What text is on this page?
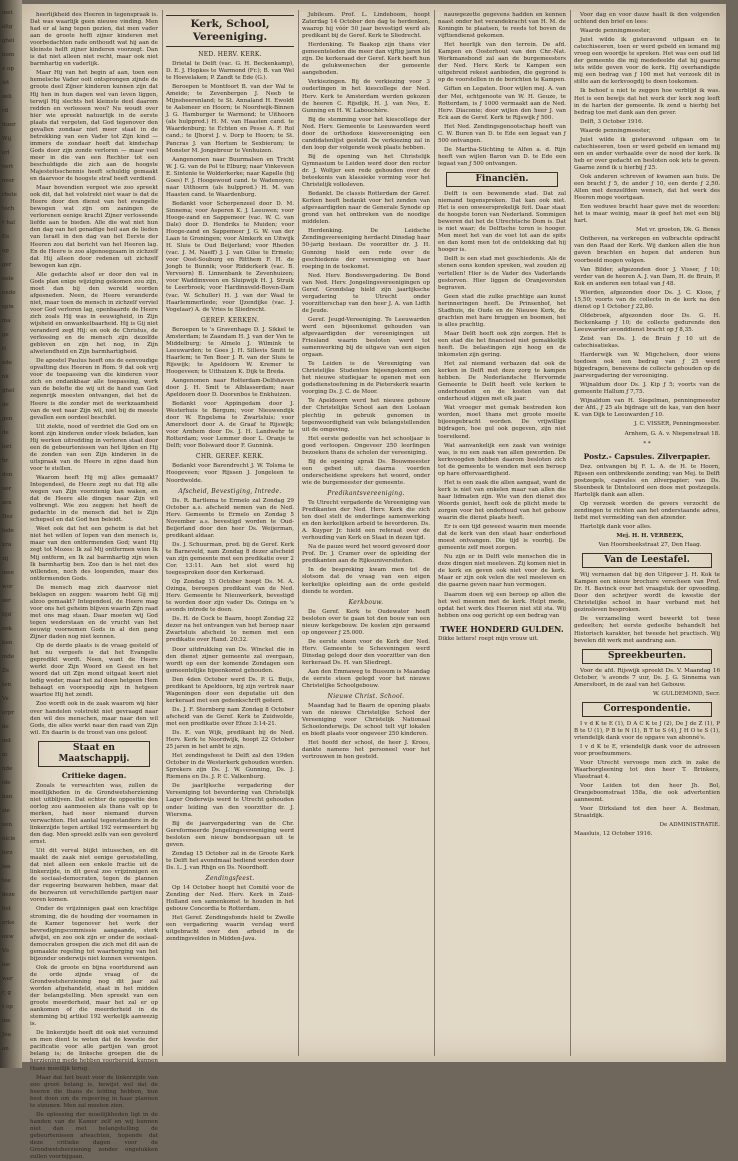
met
alig
ghei
hom
e op
iet
zeli
rd
lezer
Wij
erl
vert
over
rbete
toch
r hal
Ee
op
ger
oole
ende
spin
ma
ge
ti
ede
nk
ghel
de
gen
de
leri
hr
den
oor
zen
Dez
lede
kra
zij
mee
wor
zer
tijd
ook
kun
inde
Ze
ten
Ve
erpr
de
ind
m
nde
ide
han
zie
een
nicle
lerz
ien
toe
deze
het
erke
ouw
Vo
lee
wer
r, g
t op
ine
Jou
an

heerlijkheid des Heeren in tegenspraak is. Dat was waarlijk geen nieuwe vinding. Men had er al lang tegen gezien, dat men vader aan de groote heffi zijner kinderen met voorbedachten rade onthoudt wat hij aan de kleinste helft zijner kinderen voorzegt. Dan is dat niet alleen niet recht, maar ook niet barmhartig en vaderlijk.

Maar Hij van het begin af aan, toen een hemelsche Vader ooit ontsprongen zijnde de groote deel Zijner kinderen kunnen zijn dat Hij hen in hun dagen wel van leven liggen, terwijl Hij slechts het kleinste deel daarom redden en verlossen wou? Nu woudt over hier wie spreekt natuurlijk in de eerste plaats dat vergeten, dat God tegenover den gevallen zondaar niet meer staat in de betrekking van een Vader tot Zijn kind — immers de zondaar heeft dat kindschap Gods door zijn zonde verloren — maar veel meer in die van een Rechter tot een beschuldigde die zich aan de hoogste Majesteitsschennis heeft schuldig gemaakt en daarvoor de hoogste straf heeft verdiend.

Maar bovendien vergeet wie zoo spreekt ook dit, dat het volstrekt niet waar is dat de Heere door den dienst van het evangelie bewogen wat zijn om zaningen de verlorenen eenige kracht Zijner verlossende liefde aan te bieden. Alle die wat niet hun den dag van het genadige heil aan de lieden van Israël in den dag van het Eerste der Heeren zou dat bericht van het Heeren lag. En de Heere is zoo algenoegzaam in zichzelf dat Hij alleen door redenen uit zichzelf bewogen kan zijn.

Alle gedachte alsof er door den val in Gods plan enige wijziging gekomen zou zijn, moet dan bij den wereld worden afgesneden. Neen, de Heere veranderde niet, maar toen de mensch in zichzelf verviel voor God verloren lag, openbaarde de Heere zich zoals Hij was in eeuwigheid, in Zijn wijsheid en onwankelbaarheid. Hij is Gij niet veranderd zegt Hij: en ook de Christus, de verlossing en de mensch zijn dezelfde gebleven en zijn het nog, in Zijn alwetendheid en Zijn barmhartigheid.

De apostel Paulus heeft ons de eenvoudige opvatting des Heeren in Rom. 9 dat ook vrij voor de toepassing van die kinderen voor zich en ondankbaar alle toepassing, werk van de belofte die wij uit de hand van God zegenrijk moesten ontvangen, dat het de Heere is die zonder met de werkzaamheid van de wet naar Zijn wil, niet bij de meeste gevallen een oordeel beschikt.

Uit ziekte, nood of verdriet die God om en komt zijn kinderen onder vloek beladen, kan Hij werken uitredding in verloren staat door een de gebeurtenissen van het lijden en Hij de zonden van een Zijn kinderen in de uitspraak van de Heere in zijne daad hun voor te stellen.

Waarom heeft Hij mij alles gemaakt? Integendeel, de Heere zegt nu dat Hij alle wegen van Zijn voorzienig kan waken, en dat de Heere alle dingen naar Zijn wil volbrengt. Wie zou zeggen: het heeft de gedachte in de mensch dat het is Zijn schepsel en dat God hen beleidt.

Weet ook dat het een geheim is dat het niet het willen of lopen van den mensch is, maar van den ontfermenden God; want Hij zegt tot Mozes: Ik zal Mij ontfermen wien Ik Mij ontferm, en Ik zal barmhartig zijn wien Ik barmhartig ben. Zoo dan is het niet des willenden, noch des loopenden, maar des ontfermenden Gods.

De mensch mag zich daarvoor niet beklagen en zeggen: waarom hebt Gij mij alzoo gemaakt? Integendeel, de Heere mag voor ons het geheim blijven waarin Zijn raad met ons mag staan. Daar moeten wij God tegen wederstaan en de vrucht van het eeuwig voornemen Gods in al den gang Zijner daden nog niet kennen.

Op de derde plaats is de vraag gesteld of het nu vergeefs is dat het Evangelie gepredikt wordt. Neen, want de Heere werkt door Zijn Woord en Geest en het woord dat uit Zijn mond uitgaat keert niet ledig weder, maar het zal doen hetgeen Hem behaagt en voorspoedig zijn in hetgeen waartoe Hij het zendt.

Zoo wordt ook in de zaak waarom wij hier over handelen volstrekt niet gevraagd naar den wil des menschen, maar naar den wil Gods, die alles werkt naar den raad van Zijn wil. En daarin is de troost van ons geloof.

Staat en Maatschappij.
Critieke dagen.

Zooals te verwachten was, zullen de moeilijkheden in de Grondwetsherziening niet uitblijven. Dat echter de oppositie den oorlog zou aanmoeien als thans valt op te merken, had neer niemand durven verwachten. Het aantal tegenstanders in de linkerzijde tegen artikel 192 vermeerdert bij den dag. Men spreekt zelfs van een gevolerd ernst.

Uit dit verval blijkt intusschen, en dit maakt de zaak niet eenige geruststelling, dat niet alleen een enkele fractie uit de linkerzijde, in dit geval zoo vrijzinnigen en de sociaal-democraten, tegen de plannen der regeering bezwaren hebben, maar dat de bezwaren uit verschillende partijen naar voren komen.

Onder de vrijzinnigen gaat een krachtige stroming, die de houding der voornamen in de Kamer tegenover het werk der bevredigingscommissie aangaande, sterk afwijst, en zoo ook zijn er onder de sociaal-democraten groepen die zich met dit aan de gemaakte regeling tot waarborging van het bijzonder onderwijs niet kunnen vereenigen.

Ook de groote en bijna voortdurend aan de orde zijnde vraag of de Grondwetsherziening nog dit jaar zal worden afgehandeld, staat in het midden der belangstelling. Men spreekt van een groote meerderheid, maar het zal er op aankomen of die meerderheid in de stemming bij artikel 192 werkelijk aanwezig is.

De linkerzijde heeft dit ook niet verzuimd en men dient te weten dat de kwestie der pacificatie voor alle partijen van groot belang is; de linksche groepen die de herziening mede hebben voorbereid, kunnen thans moeilijk terug.

Maar dat het bezit voor de linkerzijde van zoo groot belang is, bewijst wel dat de heeren die thans de leiding hebben, hun best doen om de regeering in haar plannen te steunen. Men zal moeten zien.

De oplossing der moeilijkheden ligt in de handen van de Kamer zelf en wij kunnen niet dan met belangstelling de gebeurtenissen afwachten, hopende dat deze critieke dagen voor de Grondwetsherziening zonder ongelukken zullen voorbijgaan.

Kerk, School, Vereeniging.
NED. HERV. KERK.

Drietal te Delft (vac. G. H. Beckenkamp), D. E. J. Hopkes te Warmond (Fr.); B. van Wel te Hoevelaken; P. Zandt te Ede (G.).

Beroepen te Montfoort B. van der Wal te Ameide; te Zevenbergen J. Neeb te Mijnsheerenland; te St. Annaland H. Ewoldt te Aalsmeer en Hoorn; te Noordwijk-Binnen J. G. Hamburger te Warmond; te Uithoorn (als hulppred.) H. M. van Haasten cand. te Waardenburg; te Echten en Pesse A. F. Rol cand.; te IJhorst J. v. Dorp te Hoorn; te St. Pancras J. van Hertum te Sexbierum; te Monster M. Jongebreur te Venhuizen.

Aangenomen naar Buurmalsen en Tricht W. J. G. van de Pol te Elburg; naar Vinkeveen E. Sintenie te Wolderkerke; naar Kapelle (bij Goes) F. J. Hoogewoud cand. te Wadenoyen; naar Uithoorn (als hulppred.) H. M. van Haasten cand. te Waardenburg.

Bedankt voor Scherpenzeel door D. M. Sinnema; voor Asperen K. J. Leeuwen; voor Hooge-zand en Sappemeer (vac. W. C. van Dale) door D. Hendriks te Muiden; voor Hooge-zand en Sappemeer J. G. W. van der Laan te Groningen; voor Almkerk en Uitwijk H. Sluis te Oud Beijerland; voor Rheden (vac. J. M. Naeff) J. J. van Gilse te Ermelo; voor Oost-Souburg en Ritthem F. H. de Jongh te Bunnik; voor Ridderkerk (vac. B. Vervoorn) B. Linnenbank te Zevenhuizen; voor Waddinxveen en Sluipwijk H. J. Struik te Leerbroek; voor Hardinxveld-Boven-Dam (vac. W. Schuller) H. J. van der Waal te Haarlemmerliede; voor IJzendijke (vac. J. Vogelaar) A. de Vries te Sliedrecht.

GEREF. KERKEN.

Beroepen te 's Gravenhage D. J. Sikkel te Amsterdam; te Zaandam H. J. van der Ven te Middelburg; te Almelo J. Wilmink te Leeuwarden; te Goes J. H. Sillevis Smitt te Haarlem; te Ten Boer J. R. van der Sluis te Rijswijk; te Apeldoorn W. Kremer te Hoogeveen; te Uithuizen K. Dijk te Breda.

Aangenomen naar Rotterdam-Delfshaven door J. H. Smit te Alblasserdam; naar Apeldoorn door D. Doorenbos te Enkhuizen.

Bedankt voor Appingedam door J. Westerhuis te Bergum; voor Nieuwendijk door W. Engelsma te Zwartsluis; voor Amersfoort door A. de Graaf te Rijswijk; voor Arnhem door Ds. J. H. Landwehr te Rotterdam; voor Lemmer door L. Oranje te Delft; voor Bolsward door F. Gunnink.

CHR. GEREF. KERK.

Bedankt voor Barendrecht J. W. Tolsma te Hoogeveen; voor Rijssen J. Jongeleen te Noordwolde.

Afscheid, Bevestiging, Intrede.

Ds. R. Bartlema te Ermelo zal Zondag 29 October a.s. afscheid nemen van de Ned. Herv. Gemeente te Ermelo en Zondag 5 November a.s. bevestigd worden te Oud-Beijerland door den heer Ds. Weijerman, predikant aldaar.

Ds. J. Schuurman, pred. bij de Geref. Kerk te Barneveld, nam Zondag 8 dezer afscheid van zijn gemeente met een predikatie over 2 Cor. 13:11. Aan het slot werd hij toegesproken door den Kerkeraad.

Op Zondag 15 October hoopt Ds. M. A. Ozinga, beroepen predikant van de Ned. Herv. Gemeente te Nieuwerkerk, bevestigd te worden door zijn vader Ds. Ozinga en 's avonds intrede te doen.

Ds. H. de Cock te Baarn, hoopt Zondag 22 dezer na het ontvangen van het beroep naar Zwartsluis afscheid te nemen met een predikatie over Hand. 20:32.

Door uitdrukking van Ds. Winckel die in den dienst zijner gemeente zal overgaan, wordt op een der komende Zondagen een gemeentelijke bijeenkomst gehouden.

Den 4den October werd Ds. P. G. Buijs, predikant te Apeldoorn, bij zijn vertrek naar Wageningen door een deputatie uit den kerkeraad met een gedenkschrift geëerd.

Ds. J. F. Sternberg nam Zondag 8 October afscheid van de Geref. Kerk te Zuidwolde, met een predikatie over Efeze 3:14-21.

Ds. E. van Wijk, predikant bij de Ned. Herv. Kerk te Noordwijk, hoopt 22 October 25 jaren in het ambt te zijn.

Het zendingsfeest te Delft zal den 19den October in de Westerkerk gehouden worden. Sprekers zijn Ds. J. W. Gunning, Ds. J. Riemens en Ds. J. P. C. Valkenburg.

De jaarlijksche vergadering der Vereeniging tot bevordering van Christelijk Lager Onderwijs werd te Utrecht gehouden onder leiding van den voorzitter dr. J. Wiersma.

Bij de jaarvergadering van de Chr. Gereformeerde Jongelingsvereeniging werd besloten een nieuw bondsorgaan uit te geven.

Zondag 15 October zal in de Groote Kerk te Delft het avondmaal bediend worden door Ds. L. J. van Rhijn en Ds. Noordhoff.

Zendingsfeest.

Op 14 October hoopt het Comité voor de Zending der Ned. Herv. Kerk in Zuid-Holland een samenkomst te houden in het gebouw Concordia te Rotterdam.

Het Geref. Zendingsfonds hield te Zwolle een vergadering waarin verslag werd uitgebracht over den arbeid in de zendingsvelden in Midden-Java.

Jubileum. Prof. L. Lindeboom, hoopt Zaterdag 14 October den dag te herdenken, waarop hij vóór 50 jaar bevestigd werd als predikant bij de Geref. Kerk te Sliedrecht.

Herdenking. Te Baakop zijn thans vier gemeenteleden die meer dan vijftig jaren lid zijn. De kerkeraad der Geref. Kerk heeft hun de gelukwenschen der gemeente aangeboden.

Verkiezingen. Bij de verkiezing voor 3 ouderlingen in het kiescollege der Ned. Herv. Kerk te Amsterdam werden gekozen de heeren C. Rijsdijk, H. J. van Nes, E. Gunning en H. W. Labouchère.

Bij de stemming voor het kiescollege der Ned. Herv. Gemeente te Leeuwarden werd door de orthodoxe kiesvereeniging een candidatenlijst gesteld. De verkiezing zal in den loop der volgende week plaats hebben.

Bij de opening van het Christelijk Gymnasium te Leiden werd door den rector dr. J. Woltjer een rede gehouden over de beteekenis van klassieke vorming voor het Christelijk volksleven.

Bedankt. De classis Rotterdam der Geref. Kerken heeft bedankt voor het zenden van afgevaardigden naar de Generale Synode op grond van het ontbreken van de noodige middelen.

Herdenking. De Leidsche Zendingsvereeniging herdacht Dinsdag haar 50-jarig bestaan. De voorzitter dr. J. H. Gunning hield een rede over de geschiedenis der vereeniging en haar roeping in de toekomst.

Ned. Herv. Bondsvergadering. De Bond van Ned. Herv. Jongelingsvereenigingen op Geref. Grondslag hield zijn jaarlijksche vergadering te Utrecht onder voorzitterschap van den heer J. A. van Lidth de Jeude.

Geref. Jeugd-Vereeniging. Te Leeuwarden werd een bijeenkomst gehouden van afgevaardigden der vereenigingen uit Friesland waarin besloten werd tot samenwerking bij de uitgave van een eigen orgaan.

Te Leiden is de Vereeniging van Christelijke Studenten bijeengekomen om het nieuwe studiejaar te openen met een godsdienstoefening in de Pieterskerk waarin voorging Ds. J. C. de Moor.

Te Apeldoorn werd het nieuwe gebouw der Christelijke School aan den Loolaan plechtig in gebruik genomen in tegenwoordigheid van vele belangstellenden uit de omgeving.

Het eerste gedeelte van het schooljaar is goed verloopen. Ongeveer 250 leerlingen bezoeken thans de scholen der vereeniging.

Bij de opening sprak Ds. Bouwmeester een gebed uit; daarna voerden onderscheidene sprekers het woord, onder wie de burgemeester der gemeente.

Predikantsvereeniging.

Te Utrecht vergaderde de Vereeniging van Predikanten der Ned. Herv. Kerk die zich ten doel stelt de onderlinge samenwerking en den kerkelijken arbeid te bevorderen. Ds. A. Kuyper Jr. hield een referaat over de verhouding van Kerk en Staat in dezen tijd.

Na de pauze werd het woord gevoerd door Prof. Dr. J. Cramer over de opleiding der predikanten aan de Rijksuniversiteiten.

In de bespreking kwam men tot de slotsom dat de vraag van een eigen kerkelijke opleiding aan de orde gesteld diende te worden.

Kerkbouw.

De Geref. Kerk te Oudewater heeft besloten over te gaan tot den bouw van een nieuw kerkgebouw. De kosten zijn geraamd op ongeveer ƒ 25.000.

De eerste steen voor de Kerk der Ned. Herv. Gemeente te Scheveningen werd Dinsdag gelegd door den voorzitter van den kerkeraad Ds. H. van Sliedregt.

Aan den Emmaweg te Bussum is Maandag de eerste steen gelegd voor het nieuwe Christelijke Schoolgebouw.

Nieuwe Christ. School.

Maandag had te Baarn de opening plaats van de nieuwe Christelijke School der Vereeniging voor Christelijk Nationaal Schoolonderwijs. De school telt vijf lokalen en biedt plaats voor ongeveer 250 kinderen.

Het hoofd der school, de heer J. Kroes, dankte namens het personeel voor het vertrouwen in hen gesteld.

nauwgezette gegevens hadden en kennen naast onder het verandekracht van H. M. de Koningin te plaatsen, te reeds tot boven de vijftiendienst gekomen.

Het heerlijk van den terrein. De afd. Kampen en Oosterhout van den Chr.-Nat. Werkmansbond zal aan de burgemeesters der Ned. Herv. Kerk te Kampen een uitgebreid rekest aanbieden, die gegrond is op de voorstellen in de berichten te Kampen.

Giften en Legaten. Door wijlen mej. A. van der Mei, echtgenoote van W. H. Geuze, te Rotterdam, is ƒ 1000 vermaakt aan de Ned. Herv. Diaconie; door wijlen den heer J. van Eck aan de Geref. Kerk te Rijswijk ƒ 500.

Het Ned. Zendingsgenootschap heeft van C. W. Buren van D. te Ede een legaat van ƒ 500 ontvangen.

De Martha-Stichting te Alfen a. d. Rijn heeft van wijlen Baron van D. te Ede een legaat van ƒ 500 ontvangen.

Financiën.

Delft is een bewonende stad. Dat zal niemand tegenspreken. Dat kan ook niet. Het is een onweersprekelijk feit. Daar staat de hoogste toren van Nederland. Sommigen beweren dat het de Utrechtsche Dom is. Dat is niet waar; de Delftsche toren is hooger. Men meet het van de voet tot aan de spits en dan komt men tot de ontdekking dat hij hooger is.

Delft is een stad met geschiedenis. Als de stenen eens konden spreken, wat zouden zij vertellen! Hier is de Vader des Vaderlands gestorven. Hier liggen de Oranjevorsten begraven.

Geen stad die zulke prachtige aan kunst herinneringen heeft. De Prinsenhof, het Stadhuis, de Oude en de Nieuwe Kerk, de grachten met hare bruggen en boomen, het is alles prachtig.

Maar Delft heeft ook zijn zorgen. Het is een stad die het financieel niet gemakkelijk heeft. De belastingen zijn hoog en de inkomsten zijn gering.

Het zal niemand verbazen dat ook de kerken in Delft met deze zorg te kampen hebben. De Nederlandsche Hervormde Gemeente te Delft heeft vele kerken te onderhouden en de kosten van dat onderhoud stijgen met elk jaar.

Wat vroeger met gemak bestreden kon worden, moet thans met groote moeite bijeengebracht worden. De vrijwillige bijdragen, hoe gul ook gegeven, zijn niet toereikend.

Wat aanvankelijk een zaak van weinige was, is nu een zaak van allen geworden. De kerkvoogden hebben daarom besloten zich tot de gemeente te wenden met een beroep op hare offervaardigheid.

Het is een zaak die allen aangaat, want de kerk is niet van enkelen maar van allen die haar lidmaten zijn. Wie van den dienst des Woords geniet, heeft ook de plicht mede te zorgen voor het onderhoud van het gebouw waarin die dienst plaats heeft.

Er is een tijd geweest waarin men meende dat de kerk van den staat haar onderhoud moest ontvangen. Die tijd is voorbij. De gemeente zelf moet zorgen.

Nu zijn er in Delft vele menschen die in deze dingen niet meeleven. Zij komen niet in de kerk en geven ook niet voor de kerk. Maar er zijn ook velen die wel meeleven en die gaarne geven naar hun vermogen.

Daarom doen wij een beroep op allen die het wel meenen met de kerk. Helpt mede, opdat het werk des Heeren niet stil sta. Wij hebben ons oog gericht op een bedrag van

TWEE HONDERD GULDEN.

Dikke letters! roept mijn vrouw uit.

Voor dag en voor dauw haalt ik den volgenden ochtend den brief en lees:

Waarde penningmeester,

Juist wilde ik gisteravond uitgaan en te catechiseeren, toen er werd gebeld en iemand mij vroeg een woordje te spreken. Het was een oud lid der gemeente die mij mededeelde dat hij gaarne iets wilde geven voor de kerk. Hij overhandigde mij een bedrag van ƒ 100 met het verzoek dit in stilte aan de kerkvoogdij te doen toekomen.

Ik behoef u niet te zeggen hoe verblijd ik was. Het is een bewijs dat het werk der kerk nog leeft in de harten der gemeente. Ik zend u hierbij het bedrag toe met dank aan den gever.

Delft, 3 October 1916.

Waarde penningmeester,

Juist wilde ik gisteravond uitgaan om te catechiseeren, toen er werd gebeld en iemand mij een en ander verhaalde over de nood der kerk. Ik heb er over gedacht en besloten ook iets te geven. Gaarne zend ik u hierbij ƒ 25.

Ook anderen schreven of kwamen aan huis. De een bracht ƒ 5, de ander ƒ 10, een derde ƒ 2,50. Allen met denzelfden wensch, dat het werk des Heeren moge voortgaan.

Een weduwe bracht haar gave met de woorden: het is maar weinig, maar ik geef het met een blij hart.

Met vr. groeten, Dk. G. Benes

Ontheven, na verkregen en volbrachte opdracht van den Raad der Kerk. Wij danken allen die hun gaven brachten en hopen dat anderen hun voorbeeld mogen volgen.

Van Bilder, afgezonden door J. Visser, ƒ 10; verder van de heeren A. J. van Dam, H. de Bruin, P. Kok en anderen een totaal van ƒ 48.

Wierden, afgezonden door Ds. J. C. Kloos, ƒ 15,50; voorts van de collecte in de kerk na den dienst op 1 October ƒ 22,80.

Oldebroek, afgezonden door Ds. G. H. Beckenkamp ƒ 10; de collecte gedurende den Leeuwarder avonddienst bracht op ƒ 8,35.

Zeist van Ds. J. de Bruin ƒ 10 uit de catechisatiekas.

Harderwijk van W. Migchelsen, door wiens toedoen ook een bedrag van ƒ 25 werd bijgedragen, benevens de collecte gehouden op de jaarvergadering der vereeniging.

Wijnaldum door Ds. J. Kip ƒ 5; voorts van de gemeente Hallum ƒ 7,75.

Wijnaldum van H. Siegelman, penningmeester der Afd., ƒ 25 als bijdrage uit de kas, van den heer K. van Dijk te Leeuwarden ƒ 10.

J. C. VISSER, Penningmeester.

Arnhem, G. A. v. Niepenstraat 18.

* *
Postz.- Capsules. Zilverpapier.

Dez. ontvangen bij F. L. A. de H. te Hoorn, Rijssen een ontbrekende zending; van Mej. te Delft postzegels, capsules en zilverpapier; van Ds. Steenbeek te Dinteloord een doos met postzegels. Hartelijk dank aan allen.

Op verzoek worden de gevers verzocht de zendingen te richten aan het onderstaande adres, liefst met vermelding van den afzender.

Hartelijk dank voor alles.

Mej. H. H. VERBEEK,

Van Hoornbeekstraat 27, Den Haag.

Van de Leestafel.

Wij vernamen dat bij den Uitgever J. H. Kok te Kampen een nieuw brochure verscheen van Prof. Dr. H. Bavinck over het vraagstuk der opvoeding. Door den schrijver wordt de kwestie der Christelijke school in haar verband met het gezinsleven besproken.

De verzameling werd bewerkt tot twee gedeelten; het eerste gedeelte behandelt het Historisch karakter, het tweede het practisch. Wij bevelen dit werk met aandrang aan.

Spreekbeurten.

Voor de afd. Rijswijk spreekt Ds. V. Maandag 16 October, 's avonds 7 uur, Ds. J. G. Sinnema van Amersfoort, in de zaal van het Gebouw.

W. GULDEMOND, Secr.

Correspondentie.

I v d K te E (1), D A C K te J (2), De J de Z (1), P B te U (1), P B te N (1), B T te S (4), J H O te S (1), vriendelijk dank voor de opgave van abonné's.

I v d K te E, vriendelijk dank voor de adressen voor proefnummers.

Voor Utrecht vervoege men zich in zake de Waarborgleening tot den heer T. Brinkers, Vlasstraat 4.

Voor Leiden tot den heer Jh. Bol, Oranjeboomstraat 158a, die ook advertentien aanneemt.

Voor Dirksland tot den heer A. Bestman, Straatdijk.

De ADMINISTRATIE.

Maasluis, 12 October 1916.
